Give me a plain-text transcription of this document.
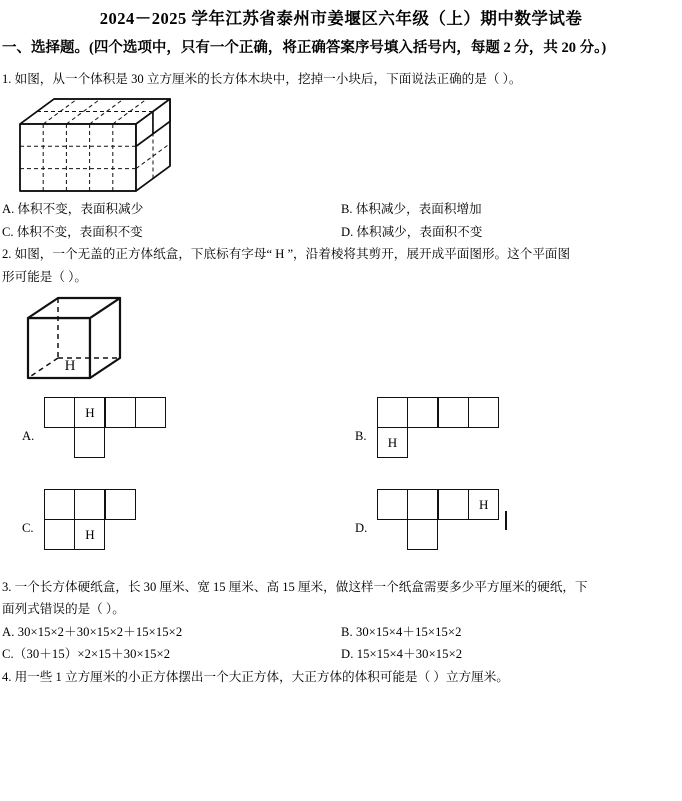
2024－2025 学年江苏省泰州市姜堰区六年级（上）期中数学试卷
一、选择题。(四个选项中，只有一个正确，将正确答案序号填入括号内，每题 2 分，共 20 分。)
1. 如图，从一个体积是 30 立方厘米的长方体木块中，挖掉一小块后，下面说法正确的是（ ）。
A. 体积不变，表面积减少	B. 体积减少，表面积增加
C. 体积不变，表面积不变	D. 体积减少，表面积不变
2. 如图，一个无盖的正方体纸盒，下底标有字母“ H ”，沿着棱将其剪开，展开成平面图形。这个平面图
形可能是（ ）。
H
A.
H
B.	H
C.	H	D.
H
3. 一个长方体硬纸盒，长 30 厘米、宽 15 厘米、高 15 厘米，做这样一个纸盒需要多少平方厘米的硬纸，下
面列式错误的是（ ）。
A. 30×15×2＋30×15×2＋15×15×2	B. 30×15×4＋15×15×2
C.（30＋15）×2×15＋30×15×2	D. 15×15×4＋30×15×2
4. 用一些 1 立方厘米的小正方体摆出一个大正方体，大正方体的体积可能是（ ）立方厘米。
